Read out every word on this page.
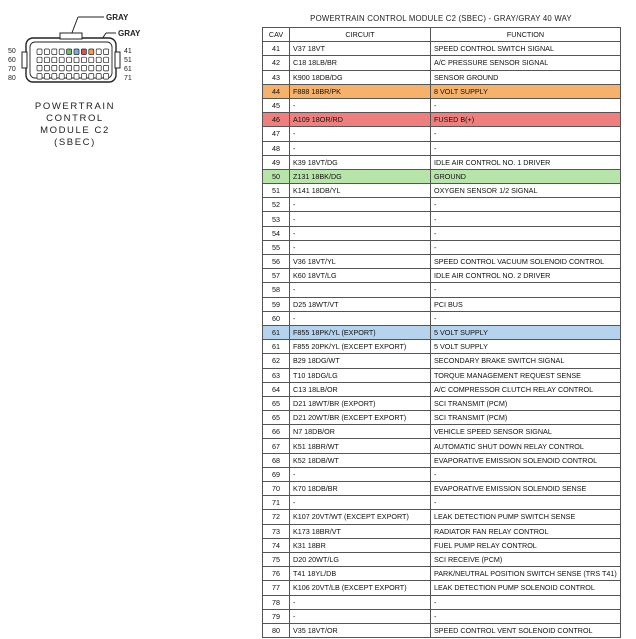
GRAY
GRAY
50
60
70
80
41
51
61
71
POWERTRAIN
CONTROL
MODULE C2
(SBEC)
POWERTRAIN CONTROL MODULE C2 (SBEC) - GRAY/GRAY 40 WAY
CAV	CIRCUIT	FUNCTION
41	V37 18VT	SPEED CONTROL SWITCH SIGNAL
42	C18 18LB/BR	A/C PRESSURE SENSOR SIGNAL
43	K900 18DB/DG	SENSOR GROUND
44	F888 18BR/PK	8 VOLT SUPPLY
45	-	-
46	A109 18OR/RD	FUSED B(+)
47	-	-
48	-	-
49	K39 18VT/DG	IDLE AIR CONTROL NO. 1 DRIVER
50	Z131 18BK/DG	GROUND
51	K141 18DB/YL	OXYGEN SENSOR 1/2 SIGNAL
52	-	-
53	-	-
54	-	-
55	-	-
56	V36 18VT/YL	SPEED CONTROL VACUUM SOLENOID CONTROL
57	K60 18VT/LG	IDLE AIR CONTROL NO. 2 DRIVER
58	-	-
59	D25 18WT/VT	PCI BUS
60	-	-
61	F855 18PK/YL (EXPORT)	5 VOLT SUPPLY
61	F855 20PK/YL (EXCEPT EXPORT)	5 VOLT SUPPLY
62	B29 18DG/WT	SECONDARY BRAKE SWITCH SIGNAL
63	T10 18DG/LG	TORQUE MANAGEMENT REQUEST SENSE
64	C13 18LB/OR	A/C COMPRESSOR CLUTCH RELAY CONTROL
65	D21 18WT/BR (EXPORT)	SCI TRANSMIT (PCM)
65	D21 20WT/BR (EXCEPT EXPORT)	SCI TRANSMIT (PCM)
66	N7 18DB/OR	VEHICLE SPEED SENSOR SIGNAL
67	K51 18BR/WT	AUTOMATIC SHUT DOWN RELAY CONTROL
68	K52 18DB/WT	EVAPORATIVE EMISSION SOLENOID CONTROL
69	-	-
70	K70 18DB/BR	EVAPORATIVE EMISSION SOLENOID SENSE
71	-	-
72	K107 20VT/WT (EXCEPT EXPORT)	LEAK DETECTION PUMP SWITCH SENSE
73	K173 18BR/VT	RADIATOR FAN RELAY CONTROL
74	K31 18BR	FUEL PUMP RELAY CONTROL
75	D20 20WT/LG	SCI RECEIVE (PCM)
76	T41 18YL/DB	PARK/NEUTRAL POSITION SWITCH SENSE (TRS T41)
77	K106 20VT/LB (EXCEPT EXPORT)	LEAK DETECTION PUMP SOLENOID CONTROL
78	-	-
79	-	-
80	V35 18VT/OR	SPEED CONTROL VENT SOLENOID CONTROL
